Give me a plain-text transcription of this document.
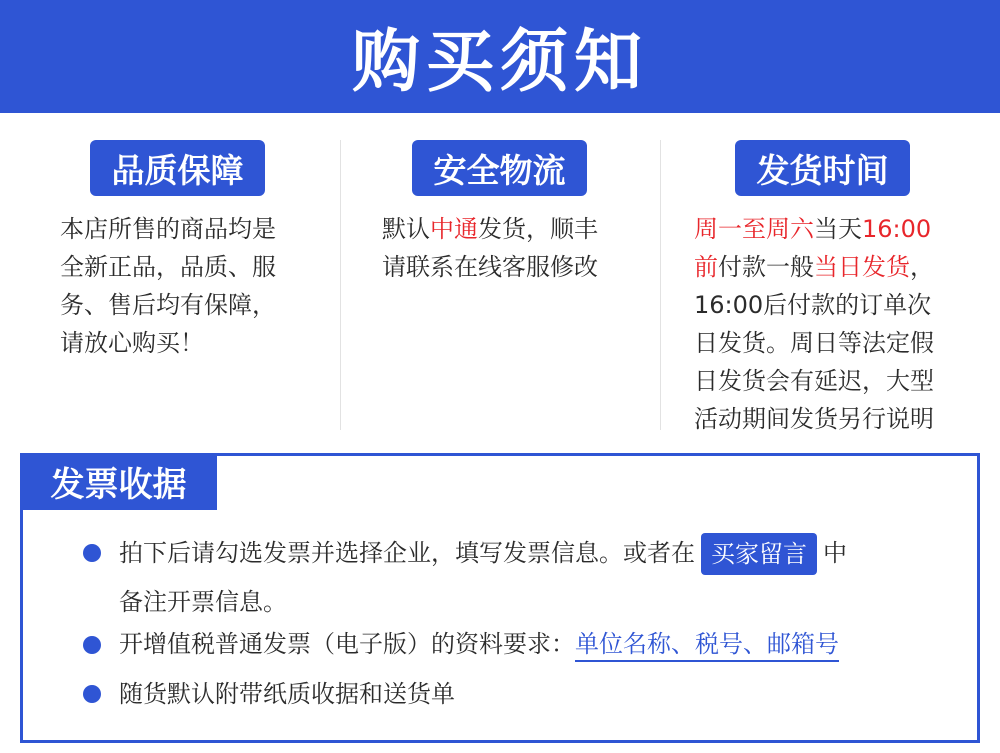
购买须知
品质保障
本店所售的商品均是
全新正品，品质、服
务、售后均有保障，
请放心购买！
安全物流
默认中通发货，顺丰
请联系在线客服修改
发货时间
周一至周六当天16:00
前付款一般当日发货，
16:00后付款的订单次
日发货。周日等法定假
日发货会有延迟，大型
活动期间发货另行说明
发票收据
拍下后请勾选发票并选择企业，填写发票信息。或者在 买家留言 中
备注开票信息。
开增值税普通发票（电子版）的资料要求：单位名称、税号、邮箱号
随货默认附带纸质收据和送货单
